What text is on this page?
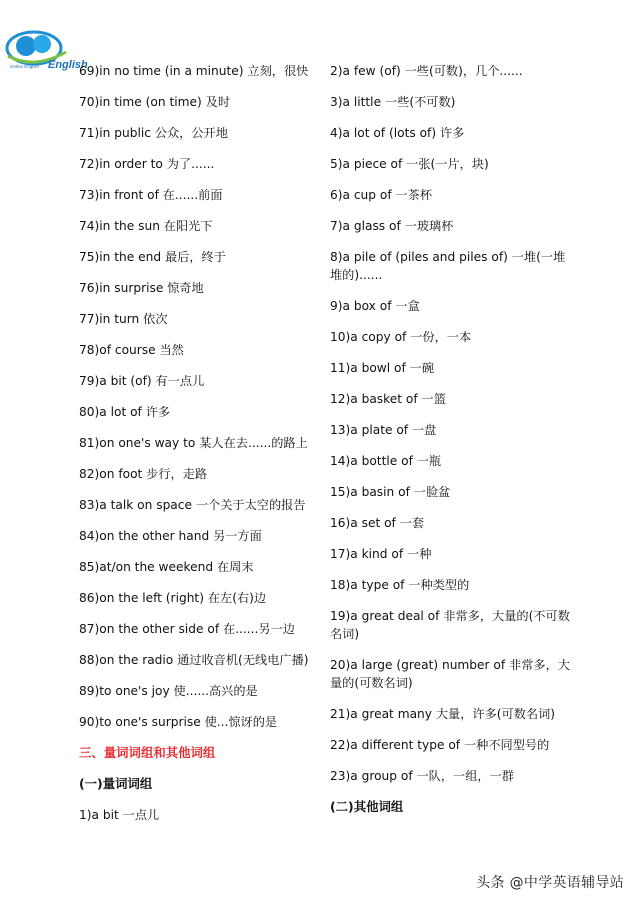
English
Online English	69)in no time (in a minute) 立刻，很快
70)in time (on time) 及时
71)in public 公众，公开地
72)in order to 为了......
73)in front of 在......前面
74)in the sun 在阳光下
75)in the end 最后，终于
76)in surprise 惊奇地
77)in turn 依次
78)of course 当然
79)a bit (of) 有一点儿
80)a lot of 许多
81)on one's way to 某人在去......的路上
82)on foot 步行，走路
83)a talk on space 一个关于太空的报告
84)on the other hand 另一方面
85)at/on the weekend 在周末
86)on the left (right) 在左(右)边
87)on the other side of 在......另一边
88)on the radio 通过收音机(无线电广播)
89)to one's joy 使......高兴的是
90)to one's surprise 使...惊讶的是
三、量词词组和其他词组
(一)量词词组
1)a bit 一点儿
2)a few (of) 一些(可数)，几个......
3)a little 一些(不可数)
4)a lot of (lots of) 许多
5)a piece of 一张(一片，块)
6)a cup of 一茶杯
7)a glass of 一玻璃杯
8)a pile of (piles and piles of) 一堆(一堆堆的)......
9)a box of 一盒
10)a copy of 一份，一本
11)a bowl of 一碗
12)a basket of 一篮
13)a plate of 一盘
14)a bottle of 一瓶
15)a basin of 一脸盆
16)a set of 一套
17)a kind of 一种
18)a type of 一种类型的
19)a great deal of 非常多，大量的(不可数名词)
20)a large (great) number of 非常多，大量的(可数名词)
21)a great many 大量，许多(可数名词)
22)a different type of 一种不同型号的
23)a group of 一队，一组，一群
(二)其他词组
头条 @中学英语辅导站
